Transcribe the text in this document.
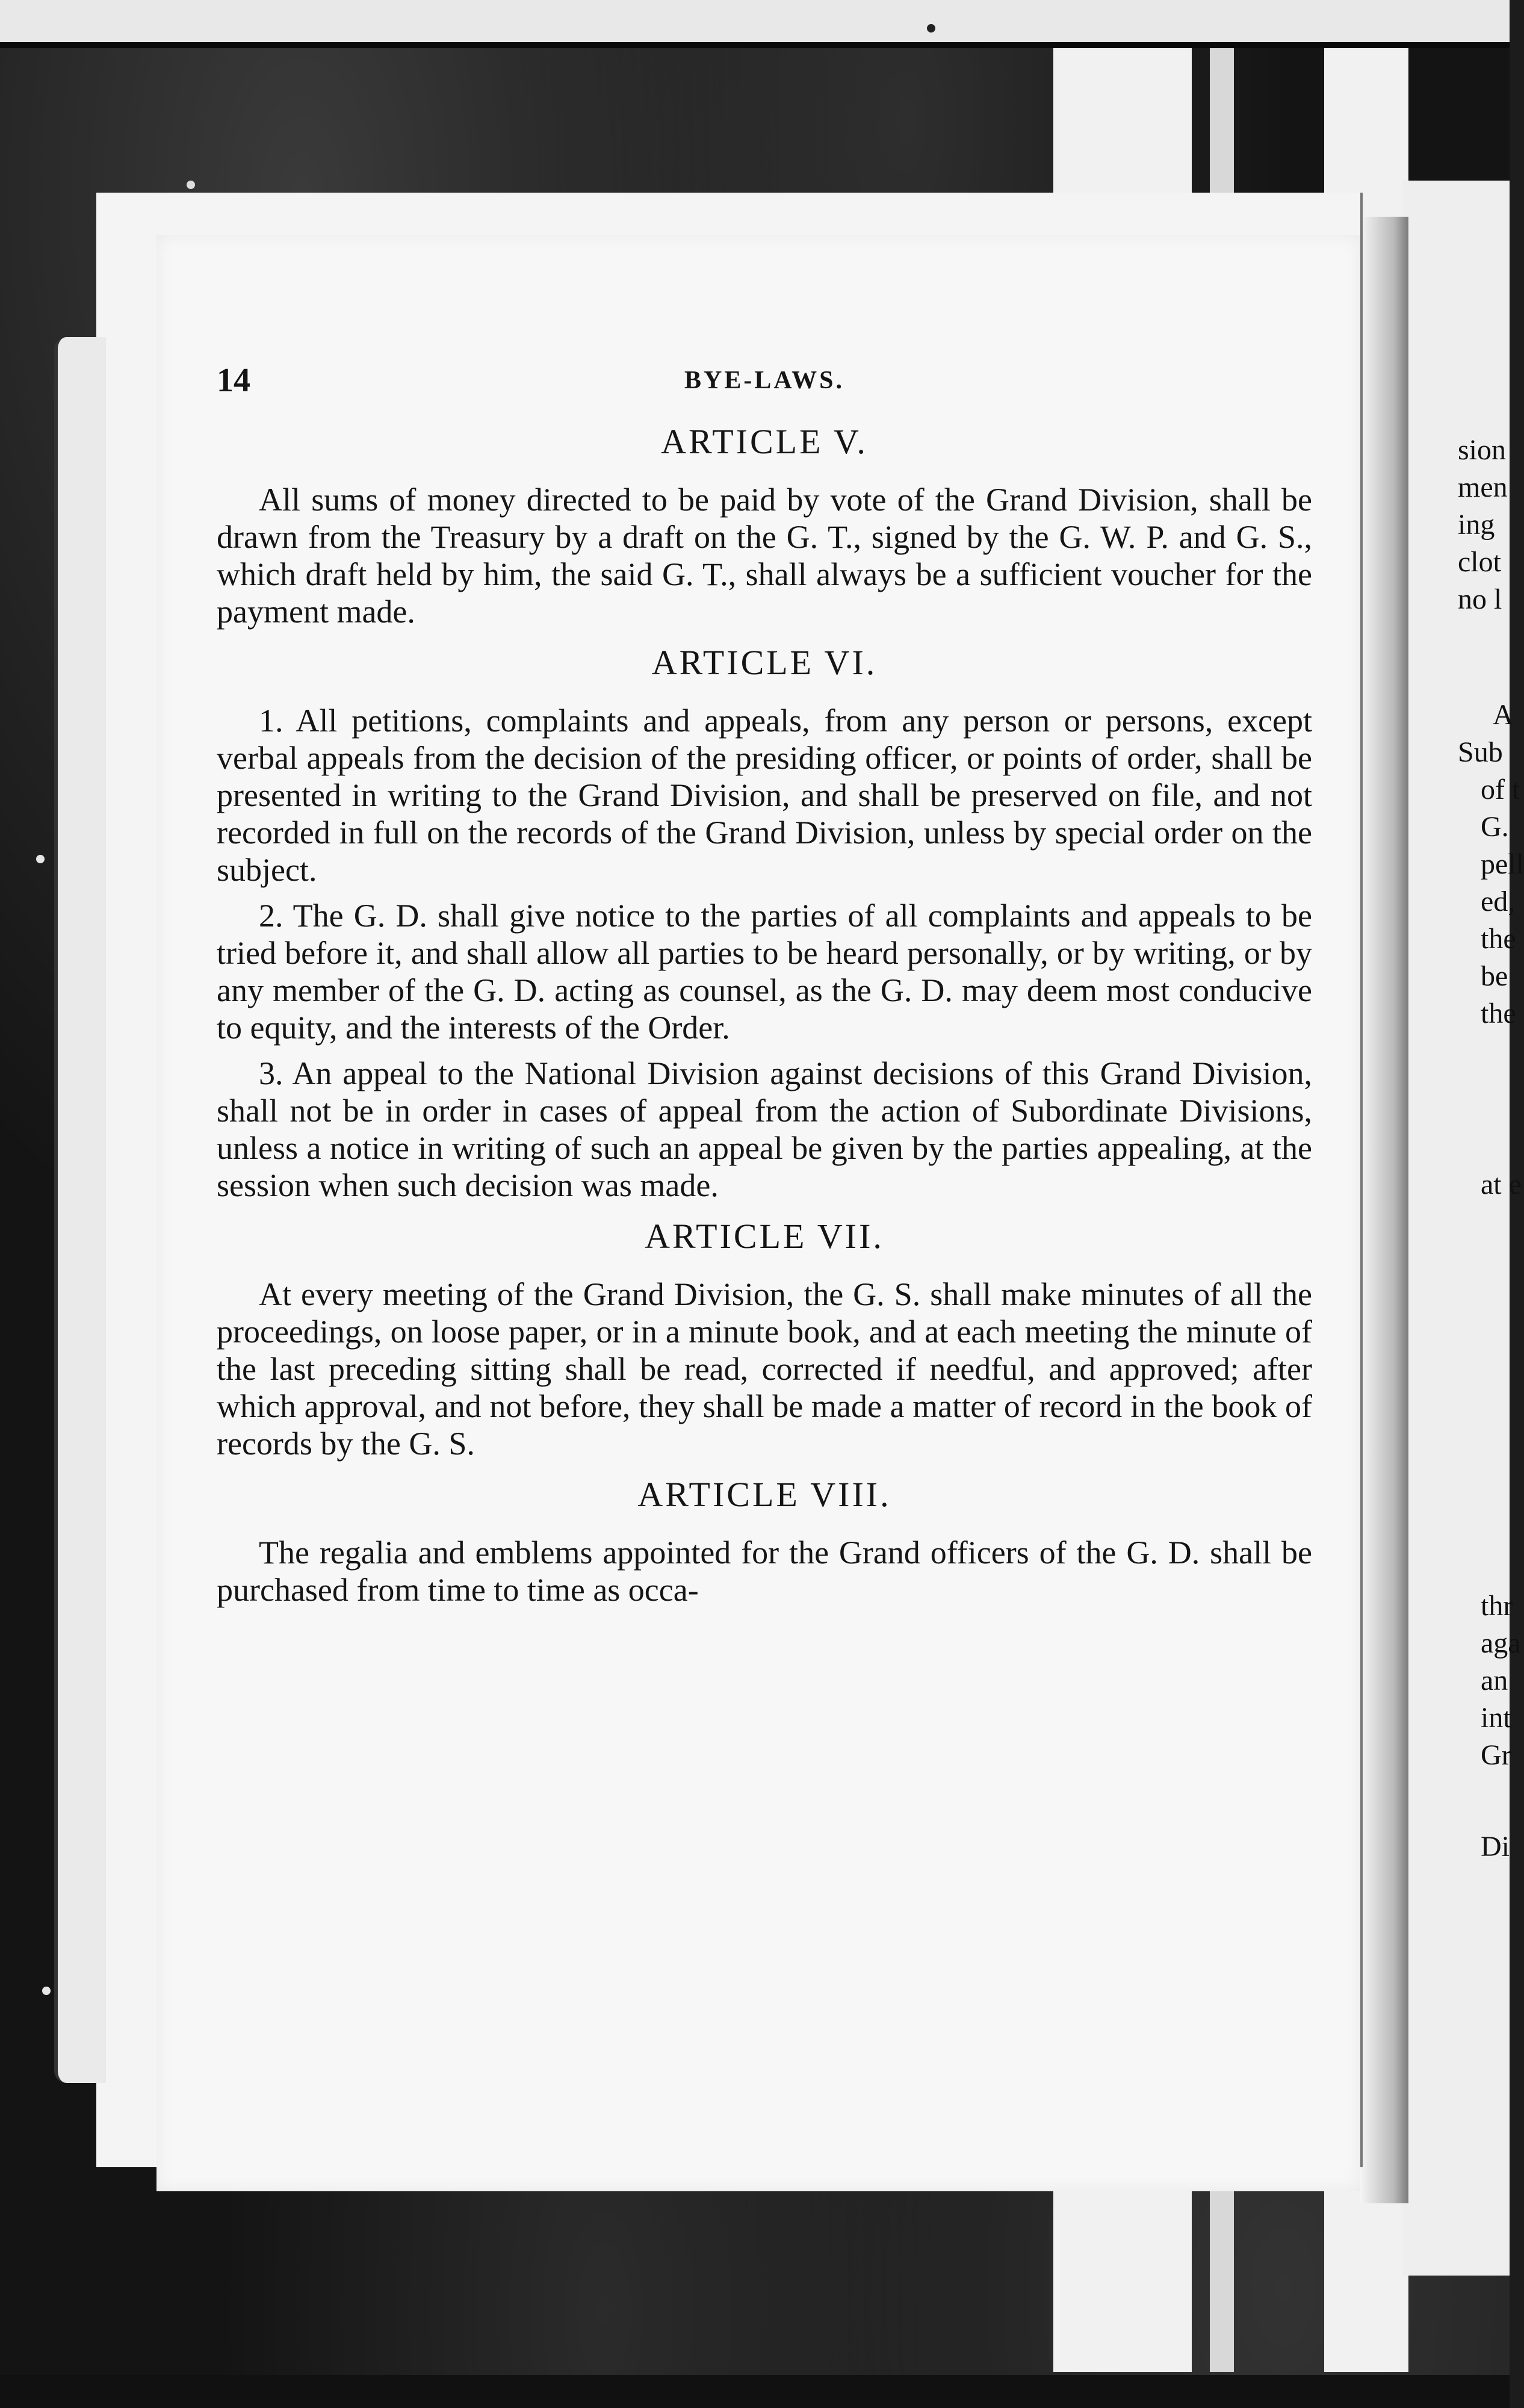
sion
men
ing
clot
no l
A
Sub
of t
G.
pell
ed,
the
be
the
at e
thr
aga
an
int
Gr
Di
14	BYE-LAWS.
ARTICLE V.

All sums of money directed to be paid by vote of the Grand Division, shall be drawn from the Treasury by a draft on the G. T., signed by the G. W. P. and G. S., which draft held by him, the said G. T., shall always be a sufficient voucher for the payment made.

ARTICLE VI.

1. All petitions, complaints and appeals, from any person or persons, except verbal appeals from the decision of the presiding officer, or points of order, shall be presented in writing to the Grand Division, and shall be preserved on file, and not recorded in full on the records of the Grand Division, unless by special order on the subject.

2. The G. D. shall give notice to the parties of all complaints and appeals to be tried before it, and shall allow all parties to be heard personally, or by writing, or by any member of the G. D. acting as counsel, as the G. D. may deem most conducive to equity, and the interests of the Order.

3. An appeal to the National Division against decisions of this Grand Division, shall not be in order in cases of appeal from the action of Subordinate Divisions, unless a notice in writing of such an appeal be given by the parties appealing, at the session when such decision was made.

ARTICLE VII.

At every meeting of the Grand Division, the G. S. shall make minutes of all the proceedings, on loose paper, or in a minute book, and at each meeting the minute of the last preceding sitting shall be read, corrected if needful, and approved; after which approval, and not before, they shall be made a matter of record in the book of records by the G. S.

ARTICLE VIII.

The regalia and emblems appointed for the Grand officers of the G. D. shall be purchased from time to time as occa-
